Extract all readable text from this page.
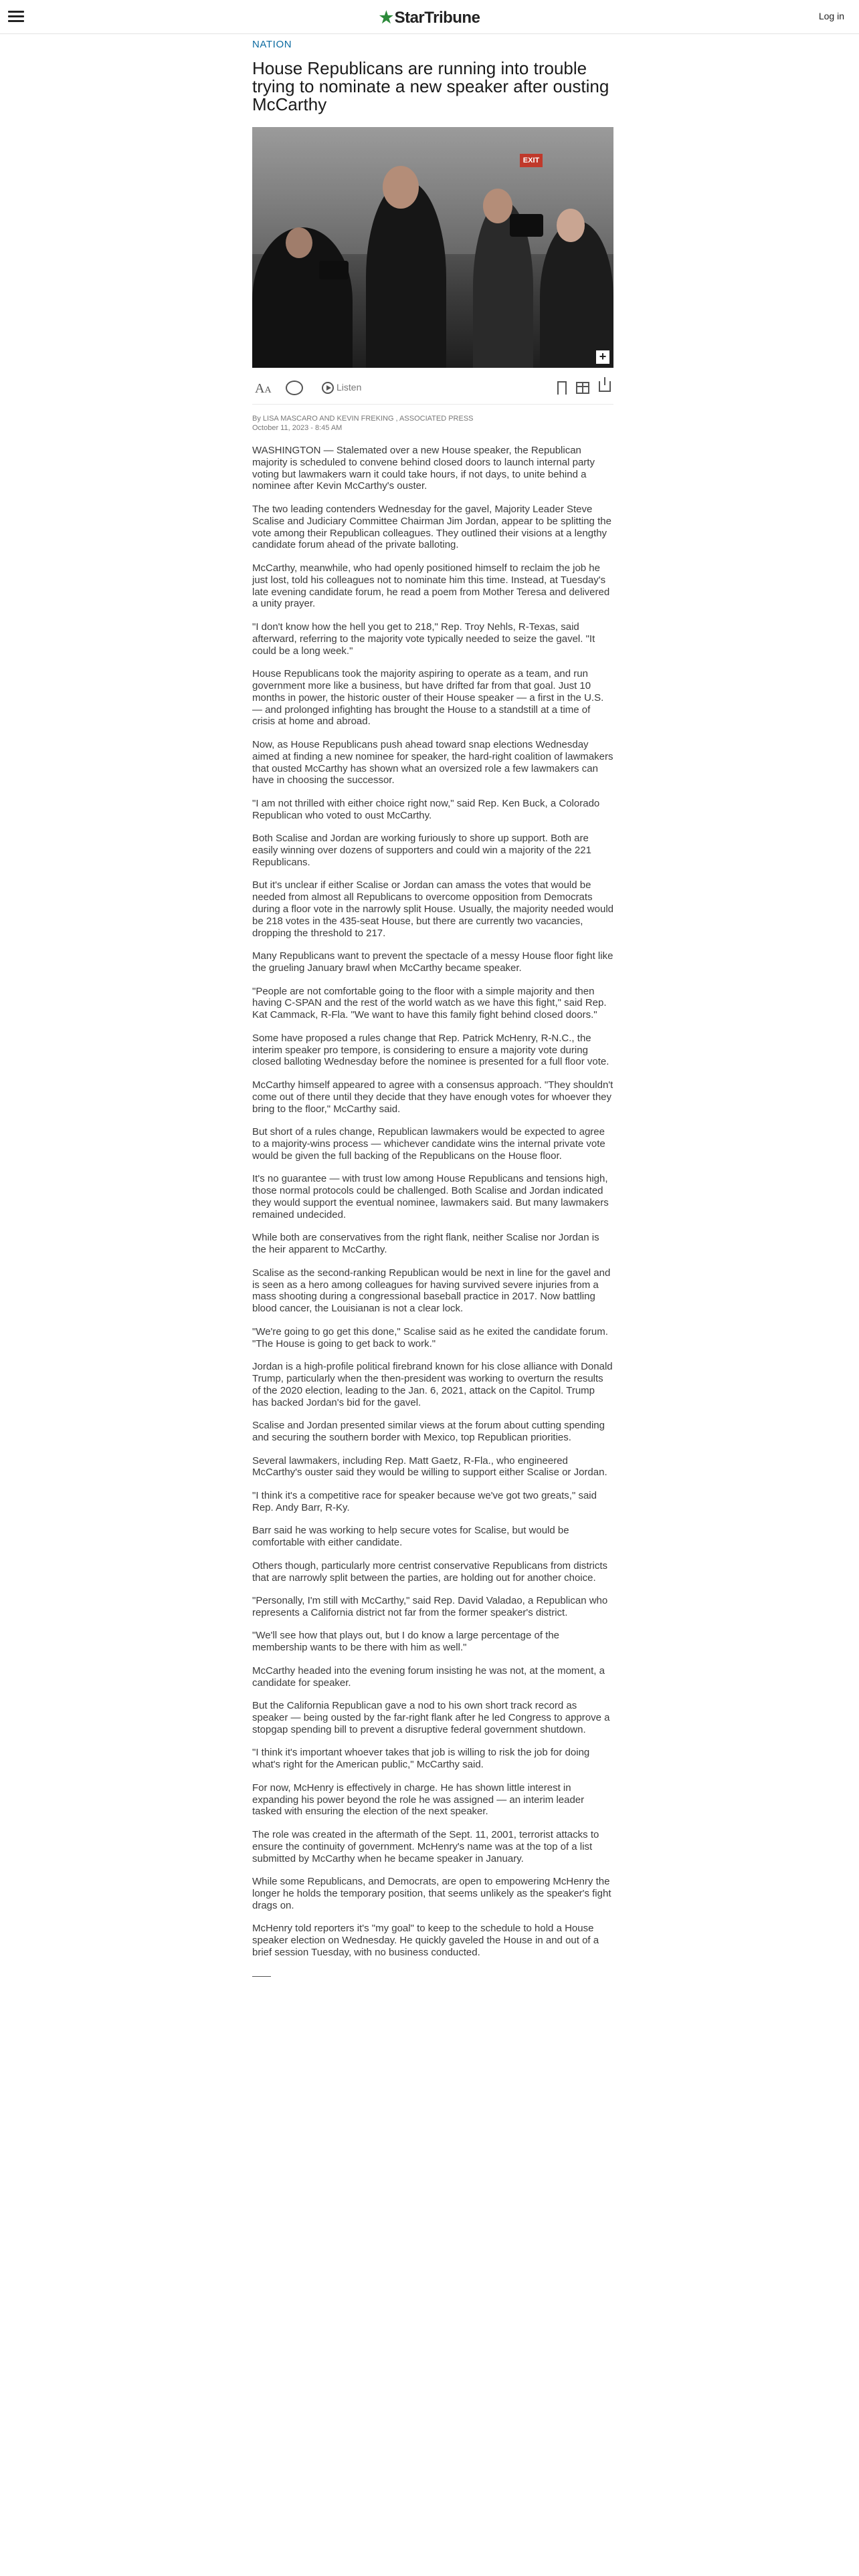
★StarTribune	Log in
NATION
House Republicans are running into trouble trying to nominate a new speaker after ousting McCarthy
EXIT
+
AA	Listen
By LISA MASCARO AND KEVIN FREKING , ASSOCIATED PRESS
October 11, 2023 - 8:45 AM

WASHINGTON — Stalemated over a new House speaker, the Republican majority is scheduled to convene behind closed doors to launch internal party voting but lawmakers warn it could take hours, if not days, to unite behind a nominee after Kevin McCarthy's ouster.

The two leading contenders Wednesday for the gavel, Majority Leader Steve Scalise and Judiciary Committee Chairman Jim Jordan, appear to be splitting the vote among their Republican colleagues. They outlined their visions at a lengthy candidate forum ahead of the private balloting.

McCarthy, meanwhile, who had openly positioned himself to reclaim the job he just lost, told his colleagues not to nominate him this time. Instead, at Tuesday's late evening candidate forum, he read a poem from Mother Teresa and delivered a unity prayer.

"I don't know how the hell you get to 218," Rep. Troy Nehls, R-Texas, said afterward, referring to the majority vote typically needed to seize the gavel. "It could be a long week."

House Republicans took the majority aspiring to operate as a team, and run government more like a business, but have drifted far from that goal. Just 10 months in power, the historic ouster of their House speaker — a first in the U.S. — and prolonged infighting has brought the House to a standstill at a time of crisis at home and abroad.

Now, as House Republicans push ahead toward snap elections Wednesday aimed at finding a new nominee for speaker, the hard-right coalition of lawmakers that ousted McCarthy has shown what an oversized role a few lawmakers can have in choosing the successor.

"I am not thrilled with either choice right now," said Rep. Ken Buck, a Colorado Republican who voted to oust McCarthy.

Both Scalise and Jordan are working furiously to shore up support. Both are easily winning over dozens of supporters and could win a majority of the 221 Republicans.

But it's unclear if either Scalise or Jordan can amass the votes that would be needed from almost all Republicans to overcome opposition from Democrats during a floor vote in the narrowly split House. Usually, the majority needed would be 218 votes in the 435-seat House, but there are currently two vacancies, dropping the threshold to 217.

Many Republicans want to prevent the spectacle of a messy House floor fight like the grueling January brawl when McCarthy became speaker.

"People are not comfortable going to the floor with a simple majority and then having C-SPAN and the rest of the world watch as we have this fight," said Rep. Kat Cammack, R-Fla. "We want to have this family fight behind closed doors."

Some have proposed a rules change that Rep. Patrick McHenry, R-N.C., the interim speaker pro tempore, is considering to ensure a majority vote during closed balloting Wednesday before the nominee is presented for a full floor vote.

McCarthy himself appeared to agree with a consensus approach. "They shouldn't come out of there until they decide that they have enough votes for whoever they bring to the floor," McCarthy said.

But short of a rules change, Republican lawmakers would be expected to agree to a majority-wins process — whichever candidate wins the internal private vote would be given the full backing of the Republicans on the House floor.

It's no guarantee — with trust low among House Republicans and tensions high, those normal protocols could be challenged. Both Scalise and Jordan indicated they would support the eventual nominee, lawmakers said. But many lawmakers remained undecided.

While both are conservatives from the right flank, neither Scalise nor Jordan is the heir apparent to McCarthy.

Scalise as the second-ranking Republican would be next in line for the gavel and is seen as a hero among colleagues for having survived severe injuries from a mass shooting during a congressional baseball practice in 2017. Now battling blood cancer, the Louisianan is not a clear lock.

"We're going to go get this done," Scalise said as he exited the candidate forum. "The House is going to get back to work."

Jordan is a high-profile political firebrand known for his close alliance with Donald Trump, particularly when the then-president was working to overturn the results of the 2020 election, leading to the Jan. 6, 2021, attack on the Capitol. Trump has backed Jordan's bid for the gavel.

Scalise and Jordan presented similar views at the forum about cutting spending and securing the southern border with Mexico, top Republican priorities.

Several lawmakers, including Rep. Matt Gaetz, R-Fla., who engineered McCarthy's ouster said they would be willing to support either Scalise or Jordan.

"I think it's a competitive race for speaker because we've got two greats," said Rep. Andy Barr, R-Ky.

Barr said he was working to help secure votes for Scalise, but would be comfortable with either candidate.

Others though, particularly more centrist conservative Republicans from districts that are narrowly split between the parties, are holding out for another choice.

"Personally, I'm still with McCarthy," said Rep. David Valadao, a Republican who represents a California district not far from the former speaker's district.

"We'll see how that plays out, but I do know a large percentage of the membership wants to be there with him as well."

McCarthy headed into the evening forum insisting he was not, at the moment, a candidate for speaker.

But the California Republican gave a nod to his own short track record as speaker — being ousted by the far-right flank after he led Congress to approve a stopgap spending bill to prevent a disruptive federal government shutdown.

"I think it's important whoever takes that job is willing to risk the job for doing what's right for the American public," McCarthy said.

For now, McHenry is effectively in charge. He has shown little interest in expanding his power beyond the role he was assigned — an interim leader tasked with ensuring the election of the next speaker.

The role was created in the aftermath of the Sept. 11, 2001, terrorist attacks to ensure the continuity of government. McHenry's name was at the top of a list submitted by McCarthy when he became speaker in January.

While some Republicans, and Democrats, are open to empowering McHenry the longer he holds the temporary position, that seems unlikely as the speaker's fight drags on.

McHenry told reporters it's "my goal" to keep to the schedule to hold a House speaker election on Wednesday. He quickly gaveled the House in and out of a brief session Tuesday, with no business conducted.
